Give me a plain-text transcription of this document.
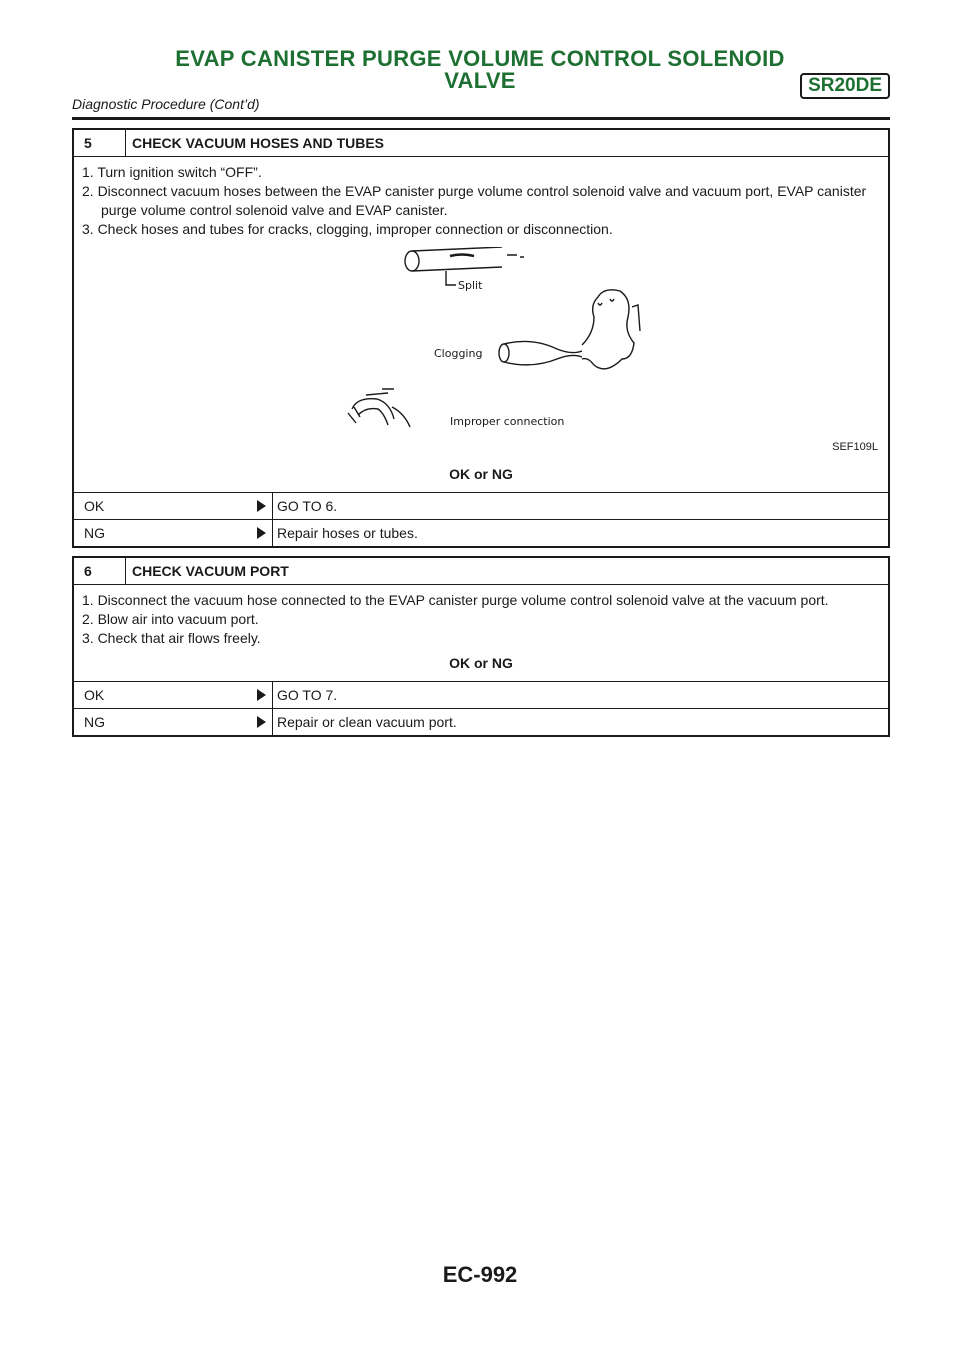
EVAP CANISTER PURGE VOLUME CONTROL SOLENOID
VALVE	SR20DE
Diagnostic Procedure (Cont’d)
5	CHECK VACUUM HOSES AND TUBES
1. Turn ignition switch “OFF”.
2. Disconnect vacuum hoses between the EVAP canister purge volume control solenoid valve and vacuum port, EVAP canister purge volume control solenoid valve and EVAP canister.
3. Check hoses and tubes for cracks, clogging, improper connection or disconnection.
Split
Clogging
Improper connection
SEF109L
OK or NG
OK	GO TO 6.
NG	Repair hoses or tubes.
6	CHECK VACUUM PORT
1. Disconnect the vacuum hose connected to the EVAP canister purge volume control solenoid valve at the vacuum port.
2. Blow air into vacuum port.
3. Check that air flows freely.
OK or NG
OK	GO TO 7.
NG	Repair or clean vacuum port.
EC-992
